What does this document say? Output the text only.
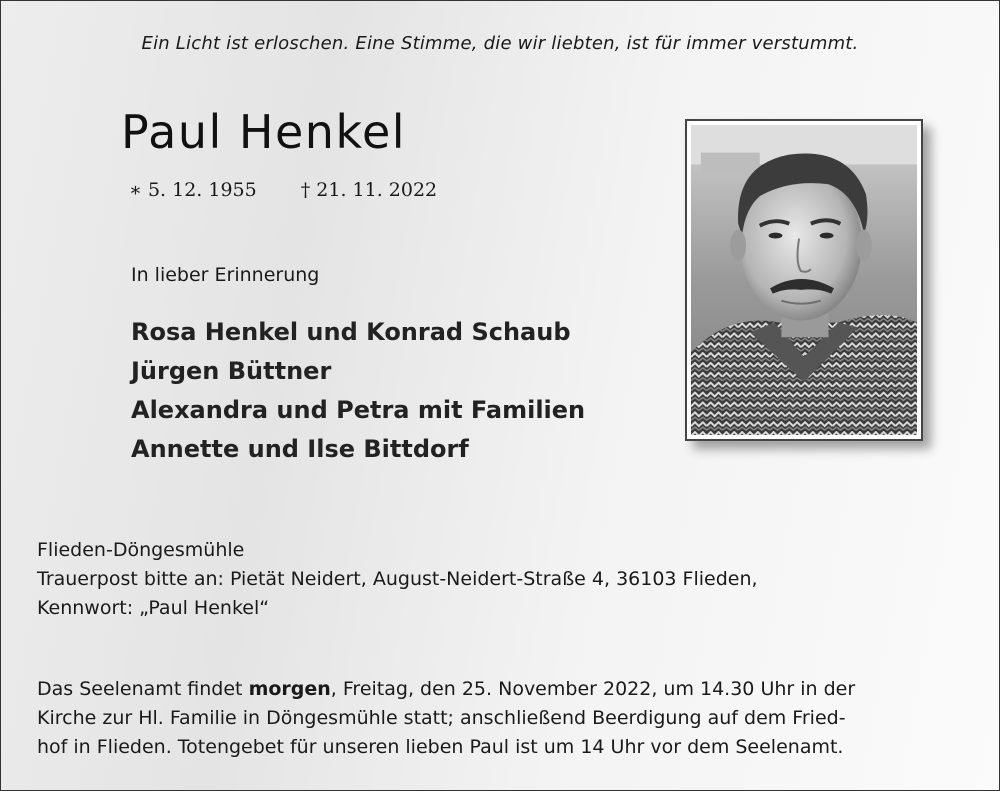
Ein Licht ist erloschen. Eine Stimme, die wir liebten, ist für immer verstummt.
Paul Henkel
∗ 5. 12. 1955 † 21. 11. 2022
In lieber Erinnerung
Rosa Henkel und Konrad Schaub
Jürgen Büttner
Alexandra und Petra mit Familien
Annette und Ilse Bittdorf
Flieden-Döngesmühle
Trauerpost bitte an: Pietät Neidert, August-Neidert-Straße 4, 36103 Flieden,
Kennwort: „Paul Henkel“
Das Seelenamt findet morgen, Freitag, den 25. November 2022, um 14.30 Uhr in der
Kirche zur Hl. Familie in Döngesmühle statt; anschließend Beerdigung auf dem Fried-
hof in Flieden. Totengebet für unseren lieben Paul ist um 14 Uhr vor dem Seelenamt.
